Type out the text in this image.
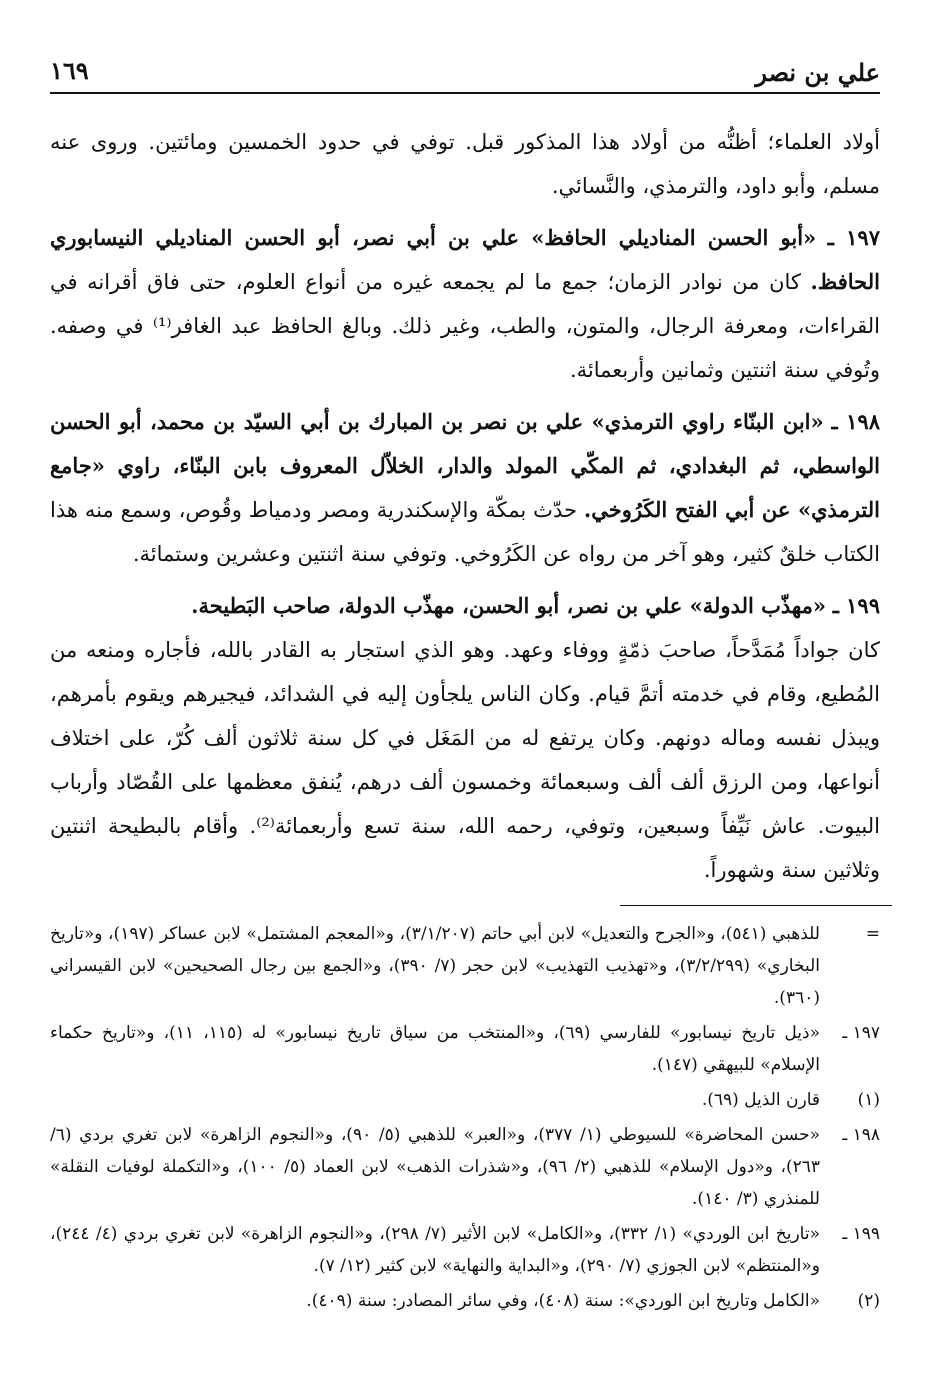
علي بن نصر
١٦٩

أولاد العلماء؛ أظنُّه من أولاد هذا المذكور قبل. توفي في حدود الخمسين ومائتين. وروى عنه مسلم، وأبو داود، والترمذي، والنَّسائي.

١٩٧ ـ «أبو الحسن المناديلي الحافظ» علي بن أبي نصر، أبو الحسن المناديلي النيسابوري الحافظ. كان من نوادر الزمان؛ جمع ما لم يجمعه غيره من أنواع العلوم، حتى فاق أقرانه في القراءات، ومعرفة الرجال، والمتون، والطب، وغير ذلك. وبالغ الحافظ عبد الغافر⁽¹⁾ في وصفه. وتُوفي سنة اثنتين وثمانين وأربعمائة.

١٩٨ ـ «ابن البنّاء راوي الترمذي» علي بن نصر بن المبارك بن أبي السيّد بن محمد، أبو الحسن الواسطي، ثم البغدادي، ثم المكّي المولد والدار، الخلاّل المعروف بابن البنّاء، راوي «جامع الترمذي» عن أبي الفتح الكَرُوخي. حدّث بمكّة والإسكندرية ومصر ودمياط وقُوص، وسمع منه هذا الكتاب خلقٌ كثير، وهو آخر من رواه عن الكَرُوخي. وتوفي سنة اثنتين وعشرين وستمائة.

١٩٩ ـ «مهذّب الدولة» علي بن نصر، أبو الحسن، مهذّب الدولة، صاحب البَطيحة.
كان جواداً مُمَدَّحاً، صاحبَ ذمّةٍ ووفاء وعهد. وهو الذي استجار به القادر بالله، فأجاره ومنعه من المُطيع، وقام في خدمته أتمَّ قيام. وكان الناس يلجأون إليه في الشدائد، فيجيرهم ويقوم بأمرهم، ويبذل نفسه وماله دونهم. وكان يرتفع له من المَغَل في كل سنة ثلاثون ألف كُرّ، على اختلاف أنواعها، ومن الرزق ألف ألف وسبعمائة وخمسون ألف درهم، يُنفق معظمها على القُصّاد وأرباب البيوت. عاش نَيِّفاً وسبعين، وتوفي، رحمه الله، سنة تسع وأربعمائة⁽²⁾. وأقام بالبطيحة اثنتين وثلاثين سنة وشهوراً.

=
للذهبي (٥٤١)، و«الجرح والتعديل» لابن أبي حاتم (٣/١/٢٠٧)، و«المعجم المشتمل» لابن عساكر (١٩٧)، و«تاريخ البخاري» (٣/٢/٢٩٩)، و«تهذيب التهذيب» لابن حجر (٧/ ٣٩٠)، و«الجمع بين رجال الصحيحين» لابن القيسراني (٣٦٠).
١٩٧ ـ
«ذيل تاريخ نيسابور» للفارسي (٦٩)، و«المنتخب من سياق تاريخ نيسابور» له (١١٥، ١١)، و«تاريخ حكماء الإسلام» للبيهقي (١٤٧).
(١)
قارن الذيل (٦٩).
١٩٨ ـ
«حسن المحاضرة» للسيوطي (١/ ٣٧٧)، و«العبر» للذهبي (٥/ ٩٠)، و«النجوم الزاهرة» لابن تغري بردي (٦/ ٢٦٣)، و«دول الإسلام» للذهبي (٢/ ٩٦)، و«شذرات الذهب» لابن العماد (٥/ ١٠٠)، و«التكملة لوفيات النقلة» للمنذري (٣/ ١٤٠).
١٩٩ ـ
«تاريخ ابن الوردي» (١/ ٣٣٢)، و«الكامل» لابن الأثير (٧/ ٢٩٨)، و«النجوم الزاهرة» لابن تغري بردي (٤/ ٢٤٤)، و«المنتظم» لابن الجوزي (٧/ ٢٩٠)، و«البداية والنهاية» لابن كثير (١٢/ ٧).
(٢)
«الكامل وتاريخ ابن الوردي»: سنة (٤٠٨)، وفي سائر المصادر: سنة (٤٠٩).
